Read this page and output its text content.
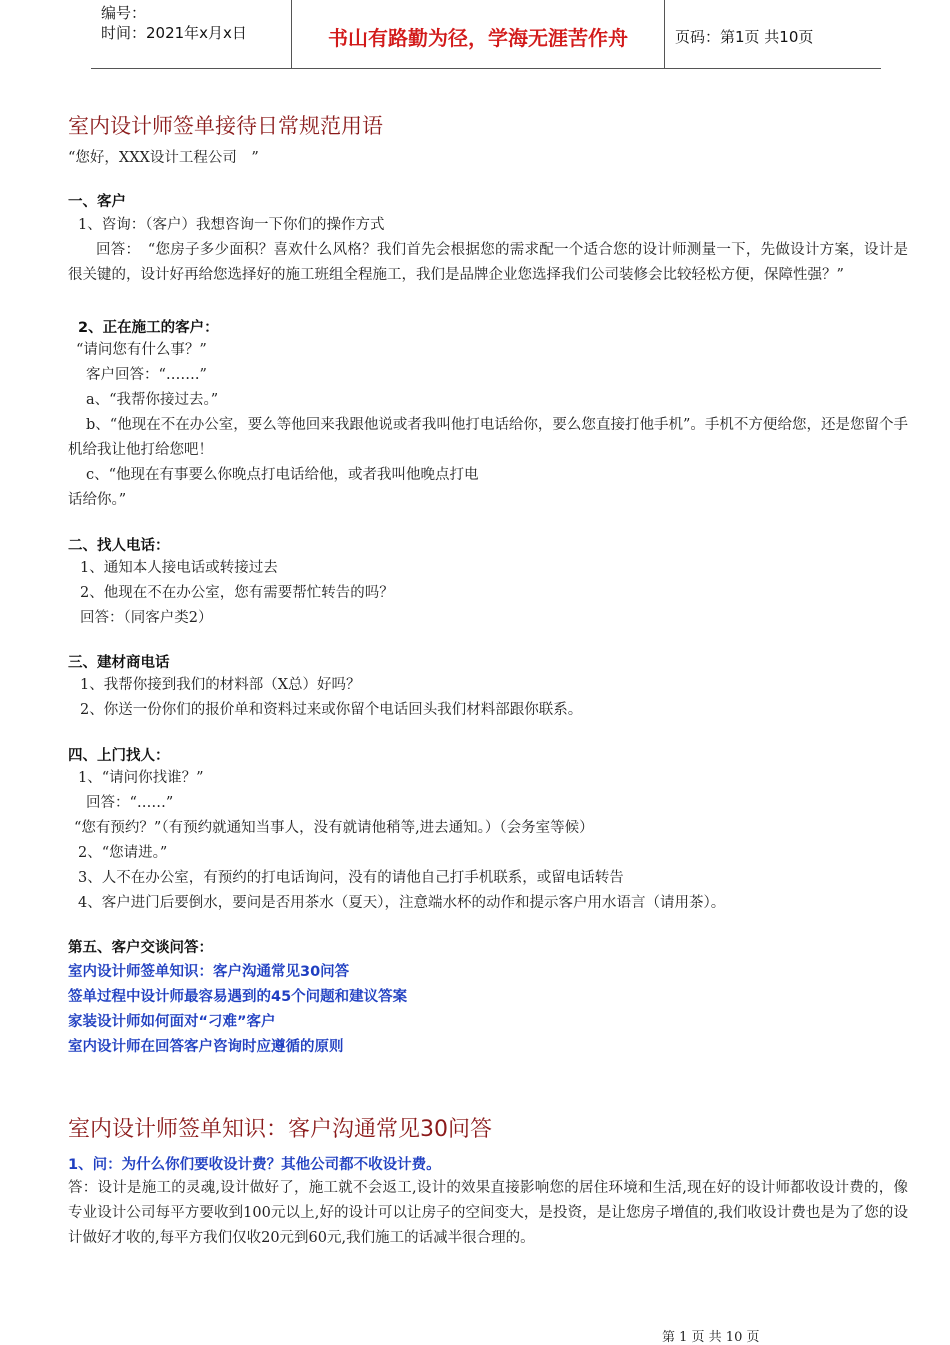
编号：
时间：2021年x月x日	书山有路勤为径，学海无涯苦作舟	页码：第1页 共10页
室内设计师签单接待日常规范用语
“您好，XXX设计工程公司　”
一、客户
1、咨询：（客户）我想咨询一下你们的操作方式
回答：　“您房子多少面积？喜欢什么风格？我们首先会根据您的需求配一个适合您的设计师测量一下，先做设计方案，设计是很关键的，设计好再给您选择好的施工班组全程施工，我们是品牌企业您选择我们公司装修会比较轻松方便，保障性强？”
2、正在施工的客户：
“请问您有什么事？”
客户回答：“…….”
a、“我帮你接过去。”
b、“他现在不在办公室，要么等他回来我跟他说或者我叫他打电话给你，要么您直接打他手机”。手机不方便给您，还是您留个手机给我让他打给您吧！
c、“他现在有事要么你晚点打电话给他，或者我叫他晚点打电
话给你。”
二、找人电话：
1、通知本人接电话或转接过去
2、他现在不在办公室，您有需要帮忙转告的吗？
回答：（同客户类2）
三、建材商电话
1、我帮你接到我们的材料部（X总）好吗？
2、你送一份你们的报价单和资料过来或你留个电话回头我们材料部跟你联系。
四、上门找人：
1、“请问你找谁？”
回答：“……”
“您有预约？”（有预约就通知当事人，没有就请他稍等,进去通知。）（会务室等候）
2、“您请进。”
3、人不在办公室，有预约的打电话询问，没有的请他自己打手机联系，或留电话转告
4、客户进门后要倒水，要问是否用茶水（夏天），注意端水杯的动作和提示客户用水语言（请用茶）。
第五、客户交谈问答：
室内设计师签单知识：客户沟通常见30问答
签单过程中设计师最容易遇到的45个问题和建议答案
家装设计师如何面对“刁难”客户
室内设计师在回答客户咨询时应遵循的原则
室内设计师签单知识：客户沟通常见30问答
1、问：为什么你们要收设计费？其他公司都不收设计费。
答：设计是施工的灵魂,设计做好了，施工就不会返工,设计的效果直接影响您的居住环境和生活,现在好的设计师都收设计费的，像专业设计公司每平方要收到100元以上,好的设计可以让房子的空间变大，是投资，是让您房子增值的,我们收设计费也是为了您的设计做好才收的,每平方我们仅收20元到60元,我们施工的话减半很合理的。
第 1 页 共 10 页
